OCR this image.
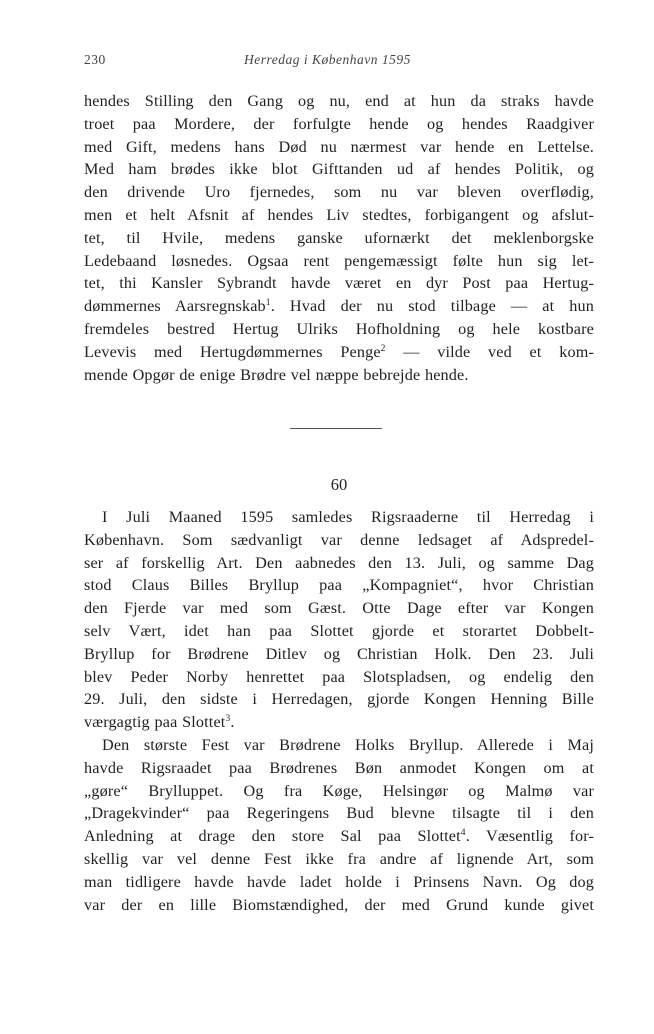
230	Herredag i København 1595
hendes Stilling den Gang og nu, end at hun da straks havde
troet paa Mordere, der forfulgte hende og hendes Raadgiver
med Gift, medens hans Død nu nærmest var hende en Lettelse.
Med ham brødes ikke blot Gifttanden ud af hendes Politik, og
den drivende Uro fjernedes, som nu var bleven overflødig,
men et helt Afsnit af hendes Liv stedtes, forbigangent og afslut-
tet, til Hvile, medens ganske ufornærkt det meklenborgske
Ledebaand løsnedes. Ogsaa rent pengemæssigt følte hun sig let-
tet, thi Kansler Sybrandt havde været en dyr Post paa Hertug-
dømmernes Aarsregnskab$^1$. Hvad der nu stod tilbage — at hun
fremdeles bestred Hertug Ulriks Hofholdning og hele kostbare
Levevis med Hertugdømmernes Penge$^2$ — vilde ved et kom-
mende Opgør de enige Brødre vel næppe bebrejde hende.
60
I Juli Maaned 1595 samledes Rigsraaderne til Herredag i
København. Som sædvanligt var denne ledsaget af Adspredel-
ser af forskellig Art. Den aabnedes den 13. Juli, og samme Dag
stod Claus Billes Bryllup paa „Kompagniet“, hvor Christian
den Fjerde var med som Gæst. Otte Dage efter var Kongen
selv Vært, idet han paa Slottet gjorde et storartet Dobbelt-
Bryllup for Brødrene Ditlev og Christian Holk. Den 23. Juli
blev Peder Norby henrettet paa Slotspladsen, og endelig den
29. Juli, den sidste i Herredagen, gjorde Kongen Henning Bille
værgagtig paa Slottet$^3$.
Den største Fest var Brødrene Holks Bryllup. Allerede i Maj
havde Rigsraadet paa Brødrenes Bøn anmodet Kongen om at
„gøre“ Brylluppet. Og fra Køge, Helsingør og Malmø var
„Dragekvinder“ paa Regeringens Bud blevne tilsagte til i den
Anledning at drage den store Sal paa Slottet$^4$. Væsentlig for-
skellig var vel denne Fest ikke fra andre af lignende Art, som
man tidligere havde havde ladet holde i Prinsens Navn. Og dog
var der en lille Biomstændighed, der med Grund kunde givet
